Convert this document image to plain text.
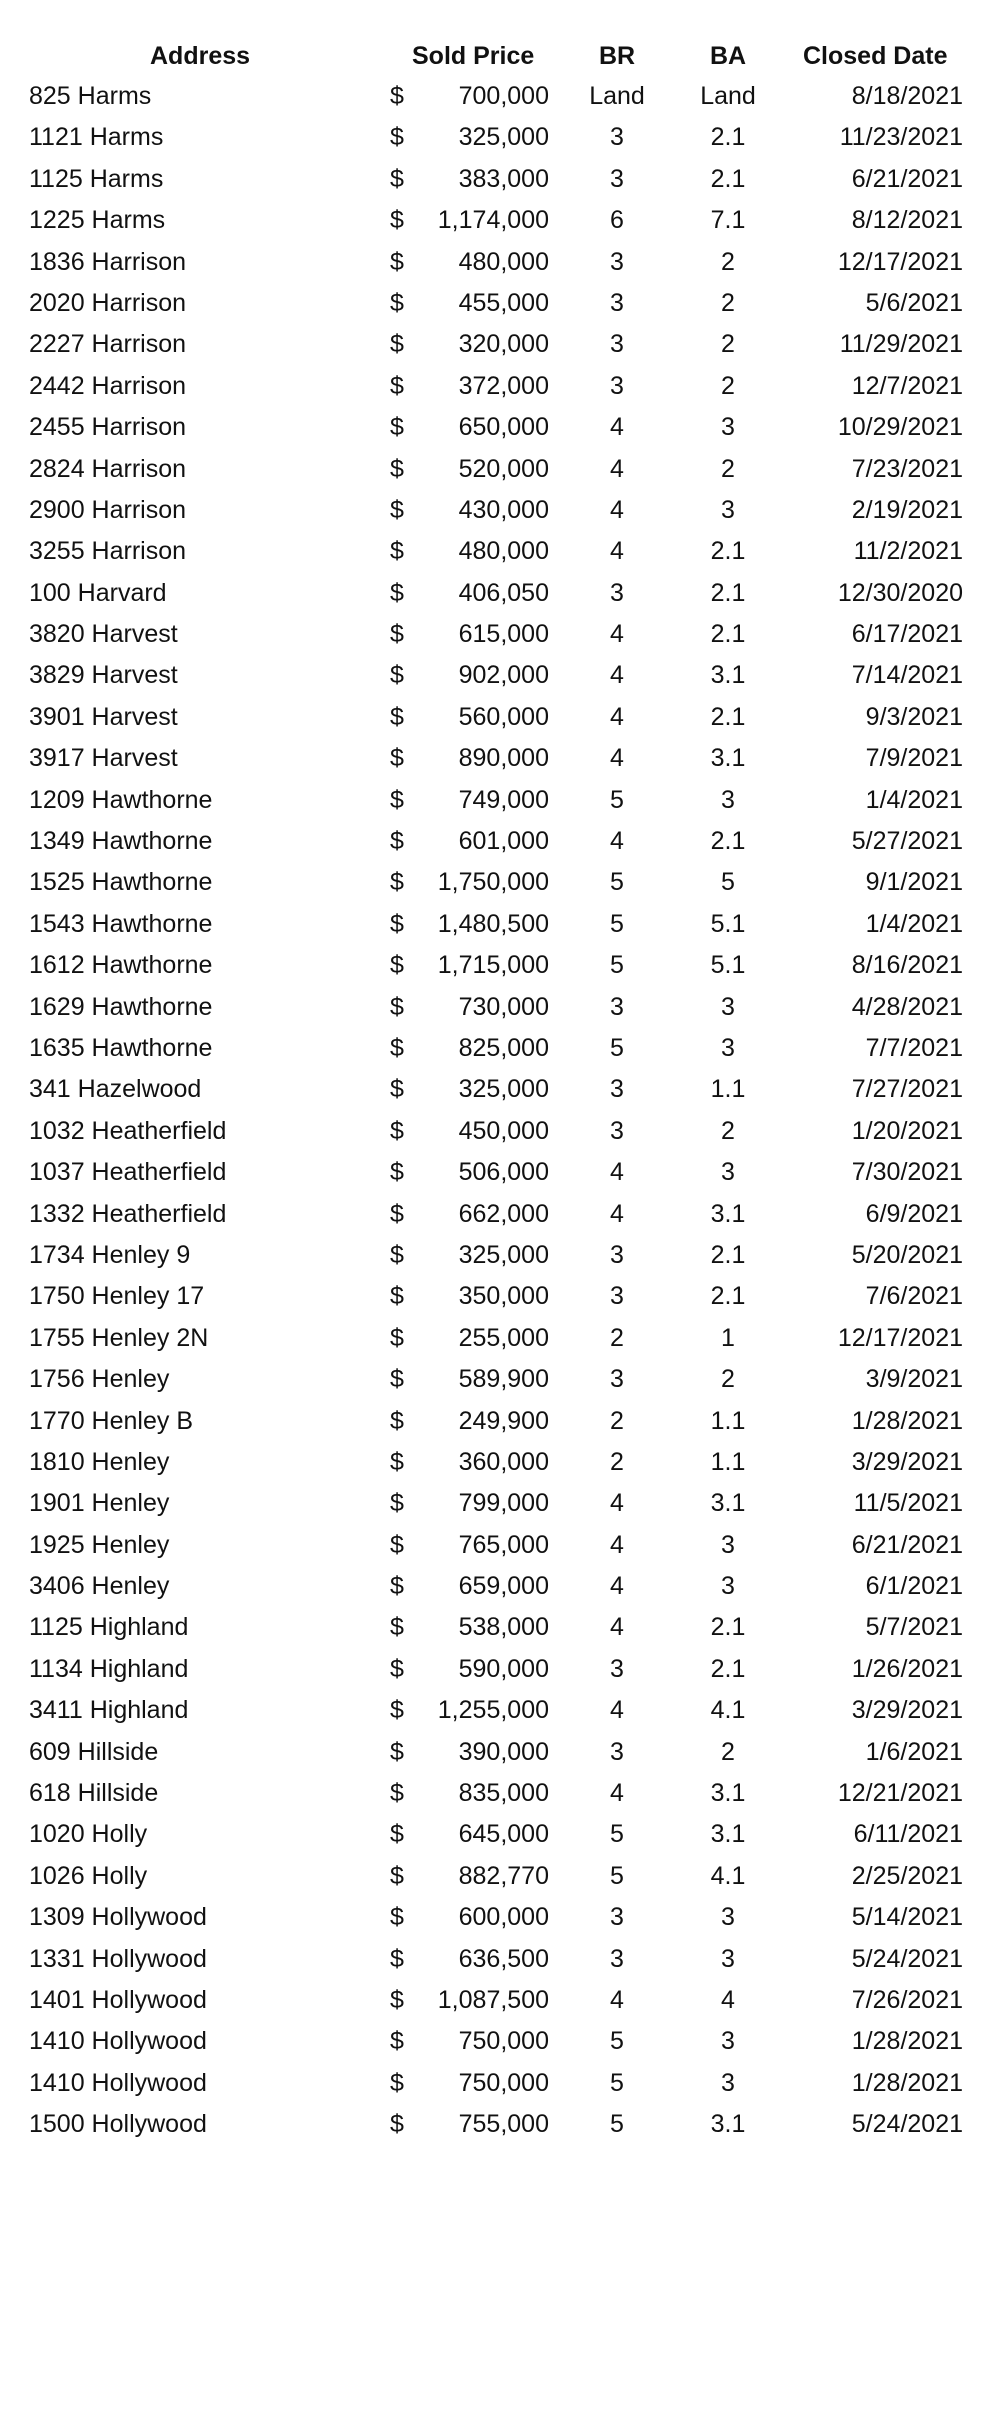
Address	Sold Price	BR	BA Closed Date
825 Harms	$ 700,000 Land Land	8/18/2021
1121 Harms	$ 325,000 3	2.1	11/23/2021
1125 Harms	$ 383,000 3	2.1	6/21/2021
1225 Harms	$ 1,174,000 6	7.1	8/12/2021
1836 Harrison	$ 480,000 3	2	12/17/2021
2020 Harrison	$ 455,000 3	2	5/6/2021
2227 Harrison	$ 320,000 3	2	11/29/2021
2442 Harrison	$ 372,000 3	2	12/7/2021
2455 Harrison	$ 650,000 4	3	10/29/2021
2824 Harrison	$ 520,000 4	2	7/23/2021
2900 Harrison	$ 430,000 4	3	2/19/2021
3255 Harrison	$ 480,000 4	2.1	11/2/2021
100 Harvard	$ 406,050 3	2.1	12/30/2020
3820 Harvest	$ 615,000 4	2.1	6/17/2021
3829 Harvest	$ 902,000 4	3.1	7/14/2021
3901 Harvest	$ 560,000 4	2.1	9/3/2021
3917 Harvest	$ 890,000 4	3.1	7/9/2021
1209 Hawthorne	$ 749,000 5	3	1/4/2021
1349 Hawthorne	$ 601,000 4	2.1	5/27/2021
1525 Hawthorne	$ 1,750,000 5	5	9/1/2021
1543 Hawthorne	$ 1,480,500 5	5.1	1/4/2021
1612 Hawthorne	$ 1,715,000 5	5.1	8/16/2021
1629 Hawthorne	$ 730,000 3	3	4/28/2021
1635 Hawthorne	$ 825,000 5	3	7/7/2021
341 Hazelwood	$ 325,000 3	1.1	7/27/2021
1032 Heatherfield	$ 450,000 3	2	1/20/2021
1037 Heatherfield	$ 506,000 4	3	7/30/2021
1332 Heatherfield	$ 662,000 4	3.1	6/9/2021
1734 Henley 9	$ 325,000 3	2.1	5/20/2021
1750 Henley 17	$ 350,000 3	2.1	7/6/2021
1755 Henley 2N	$ 255,000 2	1	12/17/2021
1756 Henley	$ 589,900 3	2	3/9/2021
1770 Henley B	$ 249,900 2	1.1	1/28/2021
1810 Henley	$ 360,000 2	1.1	3/29/2021
1901 Henley	$ 799,000 4	3.1	11/5/2021
1925 Henley	$ 765,000 4	3	6/21/2021
3406 Henley	$ 659,000 4	3	6/1/2021
1125 Highland	$ 538,000 4	2.1	5/7/2021
1134 Highland	$ 590,000 3	2.1	1/26/2021
3411 Highland	$ 1,255,000 4	4.1	3/29/2021
609 Hillside	$ 390,000 3	2	1/6/2021
618 Hillside	$ 835,000 4	3.1	12/21/2021
1020 Holly	$ 645,000 5	3.1	6/11/2021
1026 Holly	$ 882,770 5	4.1	2/25/2021
1309 Hollywood	$ 600,000 3	3	5/14/2021
1331 Hollywood	$ 636,500 3	3	5/24/2021
1401 Hollywood	$ 1,087,500 4	4	7/26/2021
1410 Hollywood	$ 750,000 5	3	1/28/2021
1410 Hollywood	$ 750,000 5	3	1/28/2021
1500 Hollywood	$ 755,000 5	3.1	5/24/2021
